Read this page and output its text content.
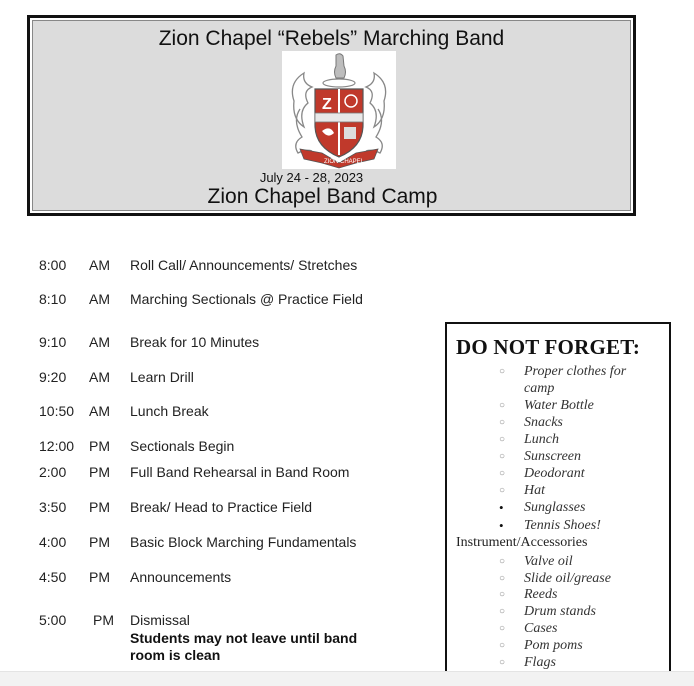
Zion Chapel “Rebels” Marching Band
Z
ZION CHAPEL
July 24 - 28, 2023
Zion Chapel Band Camp
8:00	AM	Roll Call/ Announcements/ Stretches
8:10	AM	Marching Sectionals @ Practice Field
9:10	AM	Break for 10 Minutes
9:20	AM	Learn Drill
10:50	AM	Lunch Break
12:00	PM	Sectionals Begin
2:00	PM	Full Band Rehearsal in Band Room
3:50	PM	Break/ Head to Practice Field
4:00	PM	Basic Block Marching Fundamentals
4:50	PM	Announcements
5:00	PM	Dismissal
Students may not leave until band room is clean
DO NOT FORGET:
○	Proper clothes for camp
○	Water Bottle
○	Snacks
○	Lunch
○	Sunscreen
○	Deodorant
○	Hat
•	Sunglasses
•	Tennis Shoes!
Instrument/Accessories
○	Valve oil
○	Slide oil/grease
○	Reeds
○	Drum stands
○	Cases
○	Pom poms
○	Flags
